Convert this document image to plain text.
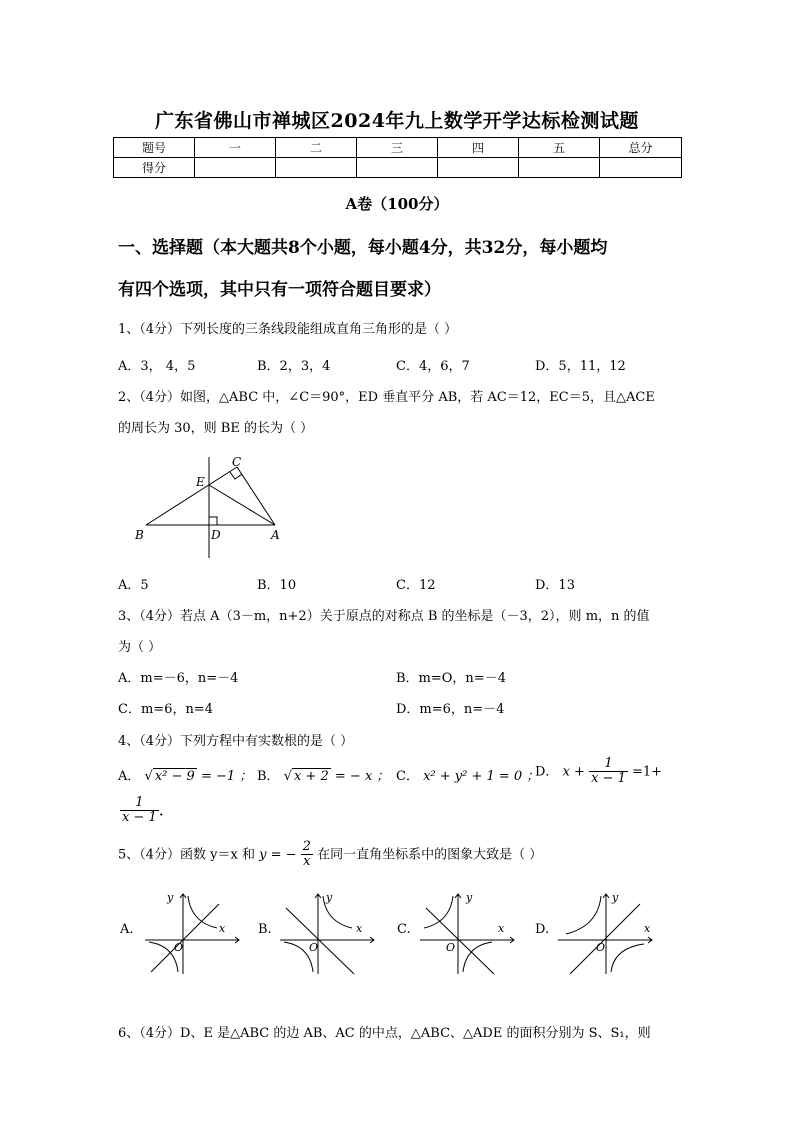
广东省佛山市禅城区2024年九上数学开学达标检测试题
题号	一	二	三	四	五	总分
得分						
A卷（100分）
一、选择题（本大题共8个小题，每小题4分，共32分，每小题均
有四个选项，其中只有一项符合题目要求）
1、（4分）下列长度的三条线段能组成直角三角形的是（ ）
A．3， 4，5	B．2，3，4	C．4，6，7	D．5，11，12
2、（4分）如图，△ABC 中，∠C＝90°，ED 垂直平分 AB，若 AC＝12，EC＝5，且△ACE
的周长为 30，则 BE 的长为（ ）
B	D	A
E
C
A．5	B．10	C．12	D．13
3、（4分）若点 A（3－m，n+2）关于原点的对称点 B 的坐标是（－3，2），则 m，n 的值
为（ ）
A．m=－6，n=－4	B．m=O，n=－4
C．m=6，n=4	D．m=6，n=－4
4、（4分）下列方程中有实数根的是（ ）
A． √ x² − 9 = −1 ； B． √ x + 2 = − x ； C． x² + y² + 1 = 0 ；
D． $x + \frac{1}{x - 1} =1+$
$\frac{1}{x - 1}$ .
5、（4分）函数 y＝x 和 y = − $\frac{2}{x}$ 在同一直角坐标系中的图象大致是（ ）
A.	x
y
O
B.	x
y
O
C.	x
y
O
D.	x
y
O
6、（4分）D、E 是△ABC 的边 AB、AC 的中点，△ABC、△ADE 的面积分别为 S、S₁，则
